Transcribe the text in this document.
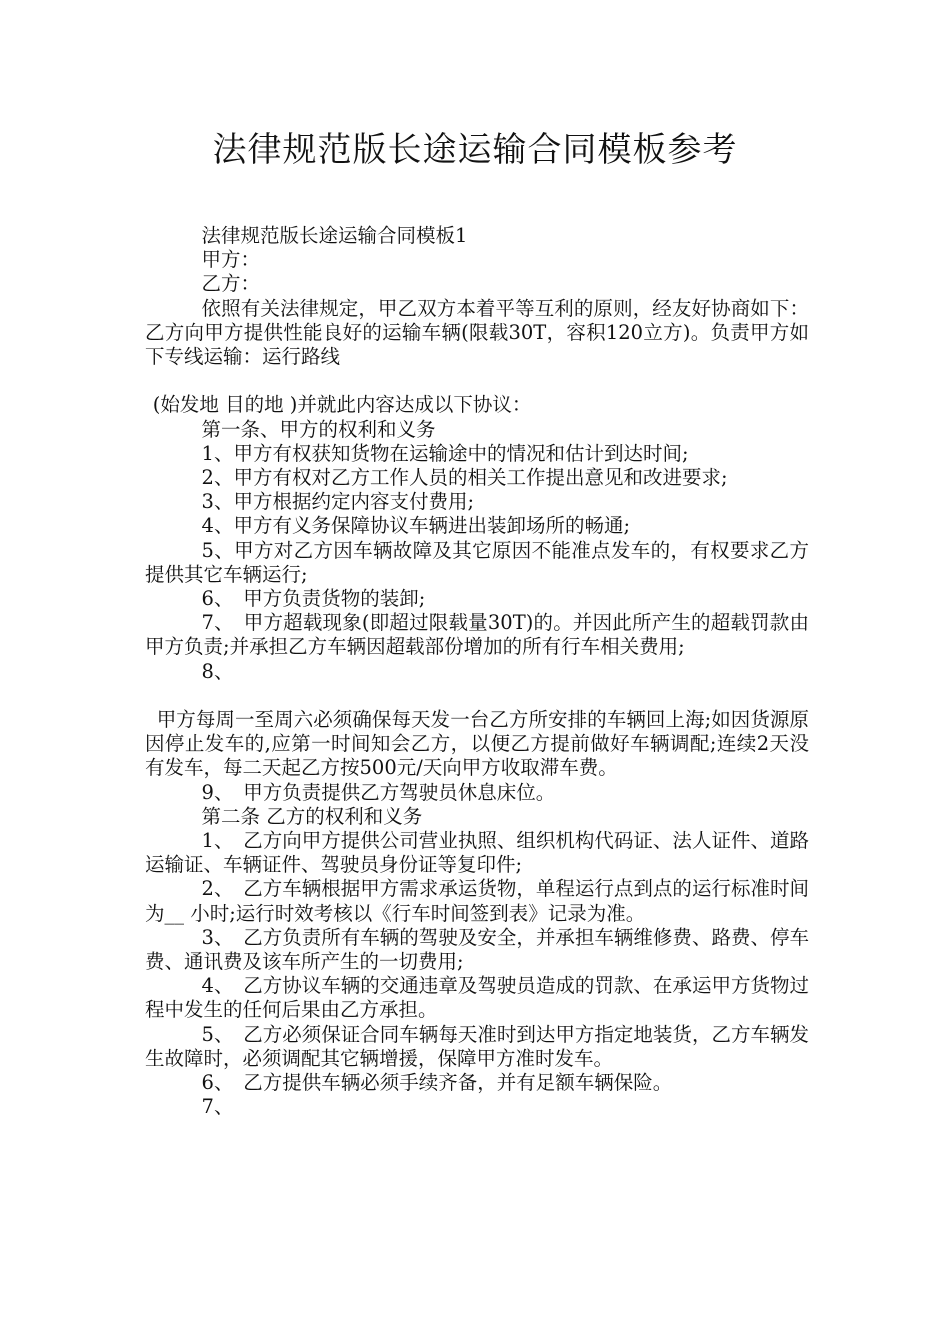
法律规范版长途运输合同模板参考

法律规范版长途运输合同模板1

甲方：

乙方：

依照有关法律规定，甲乙双方本着平等互利的原则，经友好协商如下：乙方向甲方提供性能良好的运输车辆(限载30T，容积120立方)。负责甲方如下专线运输：运行路线

(始发地 目的地 )并就此内容达成以下协议：

第一条、甲方的权利和义务

1、甲方有权获知货物在运输途中的情况和估计到达时间;

2、甲方有权对乙方工作人员的相关工作提出意见和改进要求;

3、甲方根据约定内容支付费用;

4、甲方有义务保障协议车辆进出装卸场所的畅通;

5、甲方对乙方因车辆故障及其它原因不能准点发车的，有权要求乙方提供其它车辆运行;

6、　甲方负责货物的装卸;

7、　甲方超载现象(即超过限载量30T)的。并因此所产生的超载罚款由甲方负责;并承担乙方车辆因超载部份增加的所有行车相关费用;

8、

甲方每周一至周六必须确保每天发一台乙方所安排的车辆回上海;如因货源原因停止发车的,应第一时间知会乙方，以便乙方提前做好车辆调配;连续2天没有发车，每二天起乙方按500元/天向甲方收取滞车费。

9、　甲方负责提供乙方驾驶员休息床位。

第二条 乙方的权利和义务

1、　乙方向甲方提供公司营业执照、组织机构代码证、法人证件、道路运输证、车辆证件、驾驶员身份证等复印件;

2、　乙方车辆根据甲方需求承运货物，单程运行点到点的运行标准时间为__ 小时;运行时效考核以《行车时间签到表》记录为准。

3、　乙方负责所有车辆的驾驶及安全，并承担车辆维修费、路费、停车费、通讯费及该车所产生的一切费用;

4、　乙方协议车辆的交通违章及驾驶员造成的罚款、在承运甲方货物过程中发生的任何后果由乙方承担。

5、　乙方必须保证合同车辆每天准时到达甲方指定地装货，乙方车辆发生故障时，必须调配其它辆增援，保障甲方准时发车。

6、　乙方提供车辆必须手续齐备，并有足额车辆保险。

7、
